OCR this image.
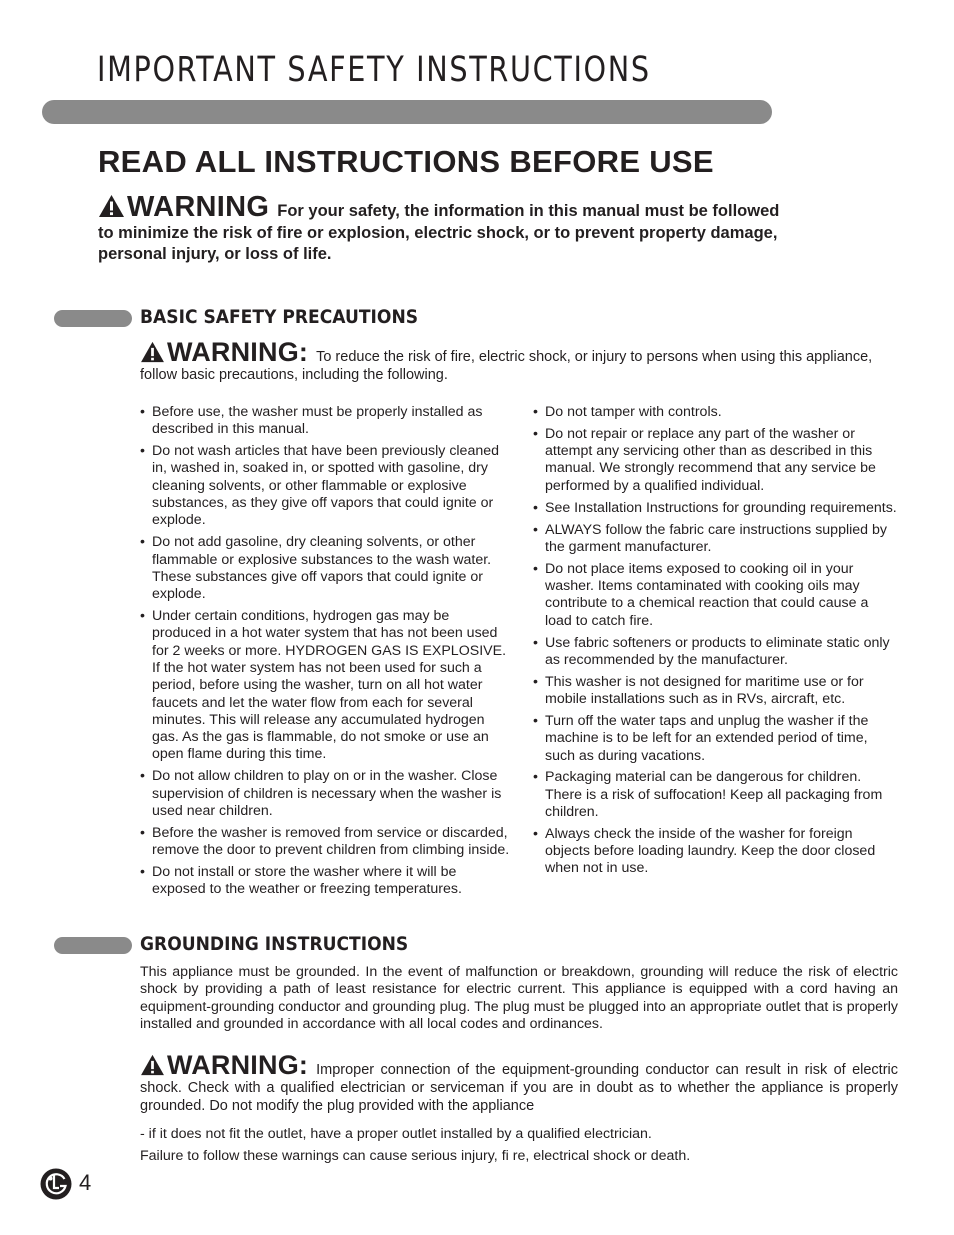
IMPORTANT SAFETY INSTRUCTIONS
READ ALL INSTRUCTIONS BEFORE USE
WARNING For your safety, the information in this manual must be followed to minimize the risk of fire or explosion, electric shock, or to prevent property damage, personal injury, or loss of life.
BASIC SAFETY PRECAUTIONS
WARNING: To reduce the risk of fire, electric shock, or injury to persons when using this appliance, follow basic precautions, including the following.
• Before use, the washer must be properly installed as described in this manual.
• Do not wash articles that have been previously cleaned in, washed in, soaked in, or spotted with gasoline, dry cleaning solvents, or other flammable or explosive substances, as they give off vapors that could ignite or explode.
• Do not add gasoline, dry cleaning solvents, or other flammable or explosive substances to the wash water. These substances give off vapors that could ignite or explode.
• Under certain conditions, hydrogen gas may be produced in a hot water system that has not been used for 2 weeks or more. HYDROGEN GAS IS EXPLOSIVE. If the hot water system has not been used for such a period, before using the washer, turn on all hot water faucets and let the water flow from each for several minutes. This will release any accumulated hydrogen gas. As the gas is flammable, do not smoke or use an open flame during this time.
• Do not allow children to play on or in the washer. Close supervision of children is necessary when the washer is used near children.
• Before the washer is removed from service or discarded, remove the door to prevent children from climbing inside.
• Do not install or store the washer where it will be exposed to the weather or freezing temperatures.
• Do not tamper with controls.
• Do not repair or replace any part of the washer or attempt any servicing other than as described in this manual. We strongly recommend that any service be performed by a qualified individual.
• See Installation Instructions for grounding requirements.
• ALWAYS follow the fabric care instructions supplied by the garment manufacturer.
• Do not place items exposed to cooking oil in your washer. Items contaminated with cooking oils may contribute to a chemical reaction that could cause a load to catch fire.
• Use fabric softeners or products to eliminate static only as recommended by the manufacturer.
• This washer is not designed for maritime use or for mobile installations such as in RVs, aircraft, etc.
• Turn off the water taps and unplug the washer if the machine is to be left for an extended period of time, such as during vacations.
• Packaging material can be dangerous for children. There is a risk of suffocation! Keep all packaging from children.
• Always check the inside of the washer for foreign objects before loading laundry. Keep the door closed when not in use.
GROUNDING INSTRUCTIONS
This appliance must be grounded. In the event of malfunction or breakdown, grounding will reduce the risk of electric shock by providing a path of least resistance for electric current. This appliance is equipped with a cord having an equipment-grounding conductor and grounding plug. The plug must be plugged into an appropriate outlet that is properly installed and grounded in accordance with all local codes and ordinances.
WARNING: Improper connection of the equipment-grounding conductor can result in risk of electric shock. Check with a qualified electrician or serviceman if you are in doubt as to whether the appliance is properly grounded. Do not modify the plug provided with the appliance
- if it does not fit the outlet, have a proper outlet installed by a qualified electrician.
Failure to follow these warnings can cause serious injury, fi re, electrical shock or death.
4
